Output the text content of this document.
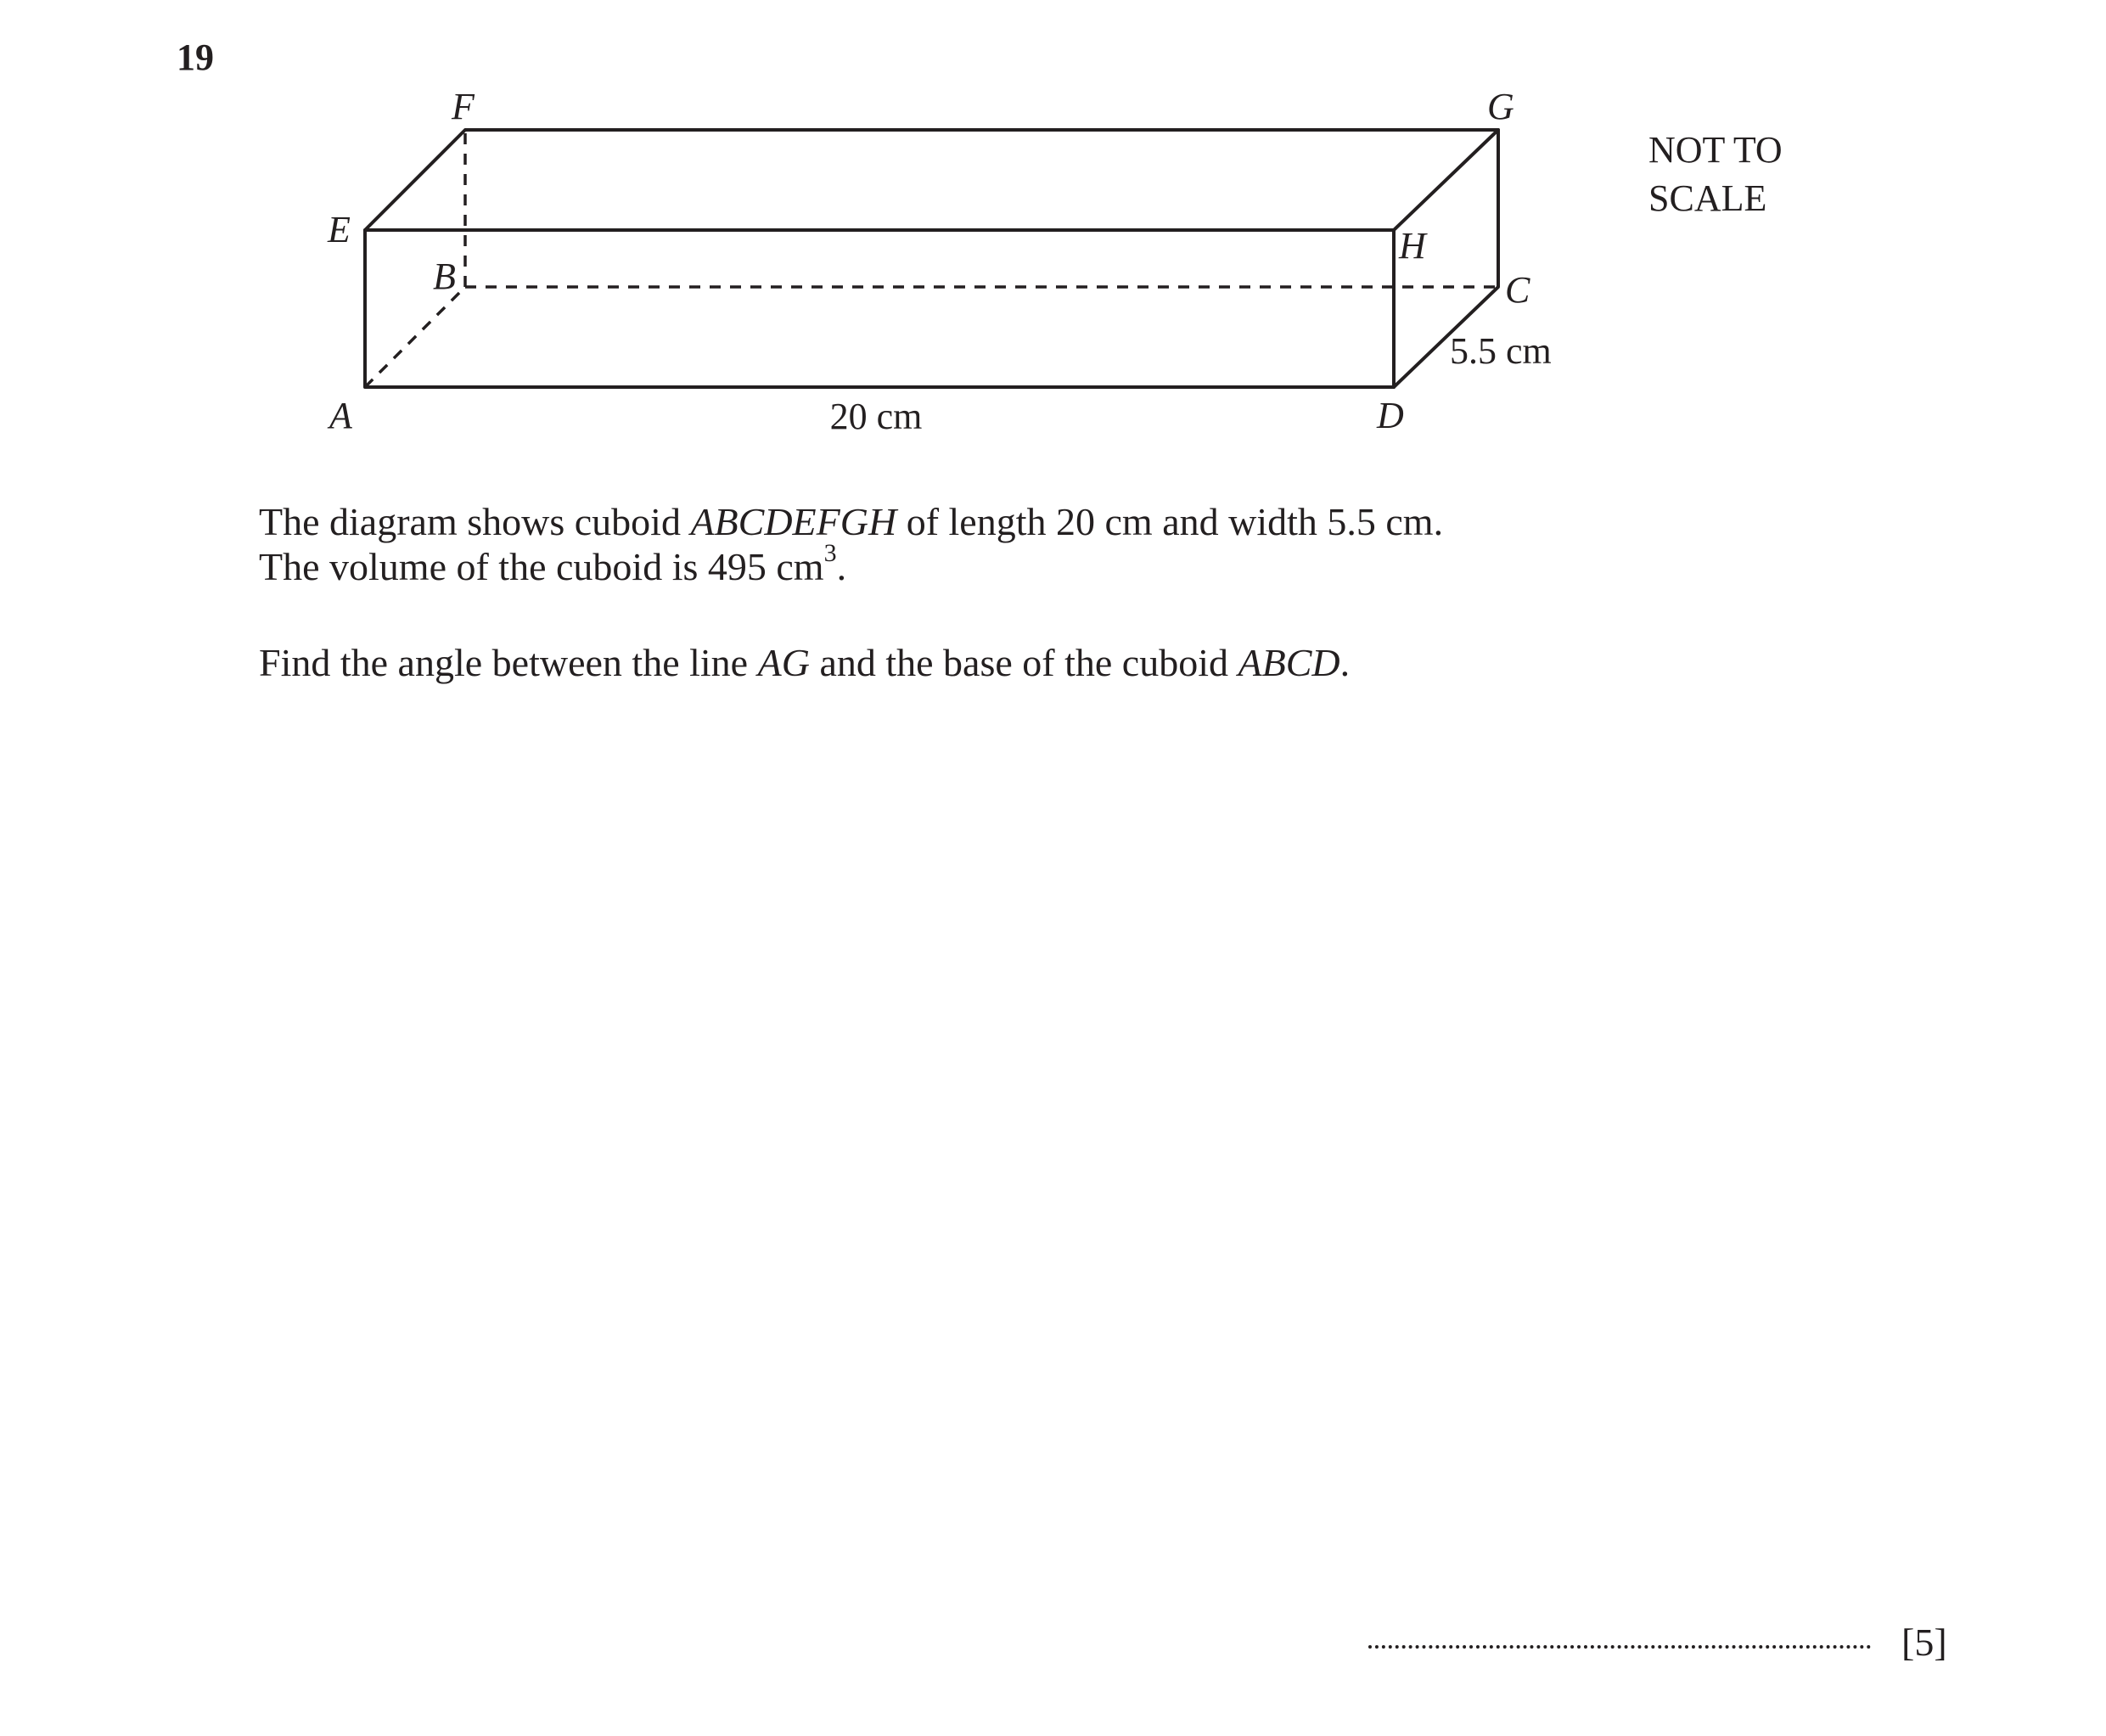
19
A
B	C
D
E
F	G
H
20 cm
5.5 cm
NOT TO
SCALE
The diagram shows cuboid ABCDEFGH of length 20 cm and width 5.5 cm.
The volume of the cuboid is 495 $cm^3$.
Find the angle between the line AG and the base of the cuboid ABCD.
[5]
